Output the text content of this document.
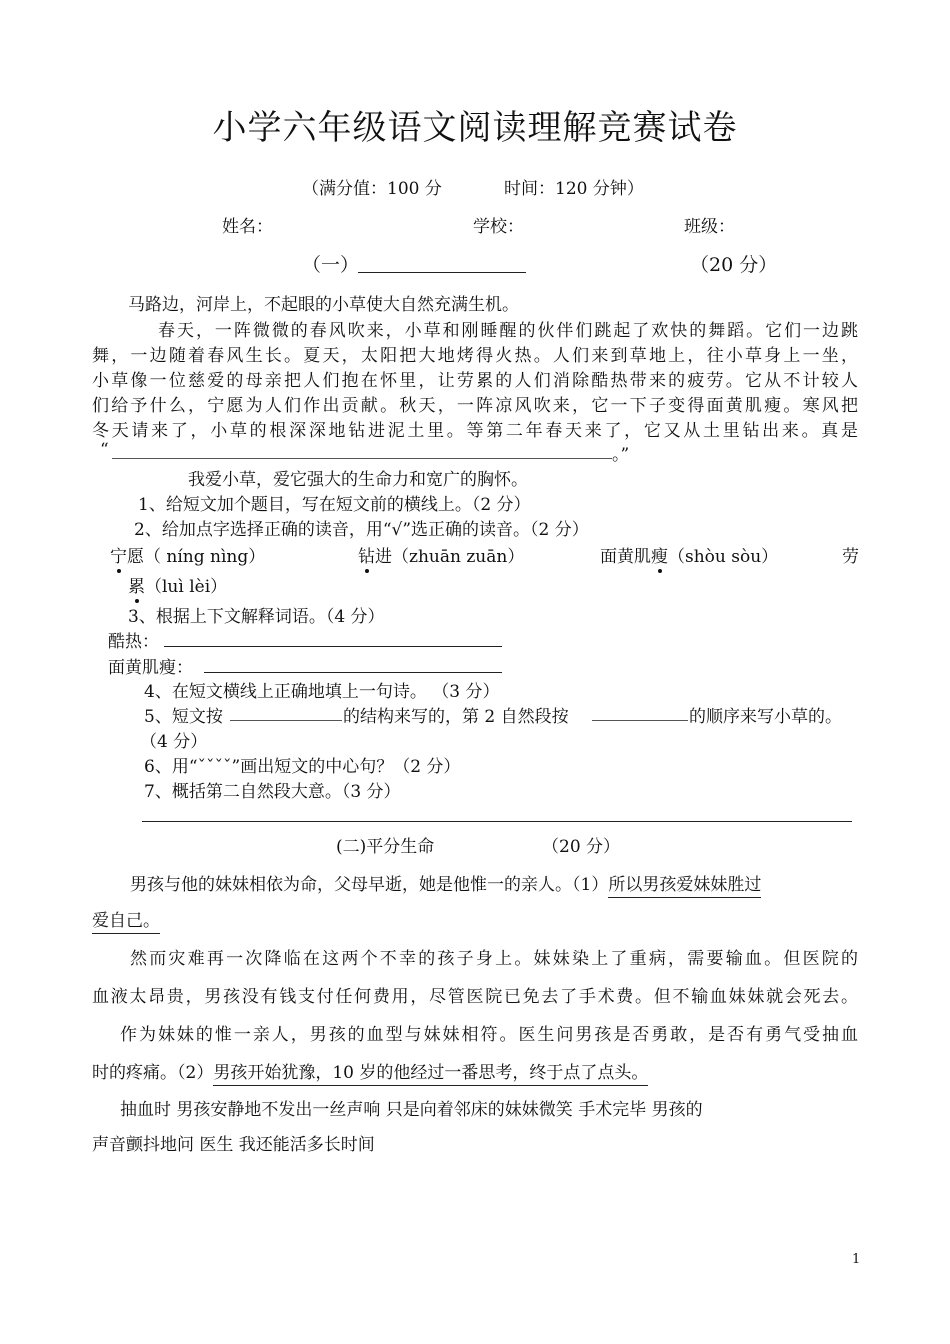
小学六年级语文阅读理解竞赛试卷
（满分值：100 分	时间：120 分钟）
姓名：	学校：	班级：
（一）	（20 分）
马路边，河岸上，不起眼的小草使大自然充满生机。
春天，一阵微微的春风吹来，小草和刚睡醒的伙伴们跳起了欢快的舞蹈。它们一边跳
舞，一边随着春风生长。夏天，太阳把大地烤得火热。人们来到草地上，往小草身上一坐，
小草像一位慈爱的母亲把人们抱在怀里，让劳累的人们消除酷热带来的疲劳。它从不计较人
们给予什么，宁愿为人们作出贡献。秋天，一阵凉风吹来，它一下子变得面黄肌瘦。寒风把
冬天请来了，小草的根深深地钻进泥土里。等第二年春天来了，它又从土里钻出来。真是
“	。”
我爱小草，爱它强大的生命力和宽广的胸怀。
1、给短文加个题目，写在短文前的横线上。（2 分）
2、给加点字选择正确的读音，用“√”选正确的读音。（2 分）
宁愿（ níng nìng）	钻进（zhuān zuān）	面黄肌瘦（shòu sòu）	劳
累（luì lèi）
3、根据上下文解释词语。（4 分）
酷热：
面黄肌瘦：
4、在短文横线上正确地填上一句诗。 （3 分）
5、短文按	的结构来写的，第 2 自然段按	的顺序来写小草的。
（4 分）
6、用“ˇˇˇˇ”画出短文的中心句？（2 分）
7、概括第二自然段大意。（3 分）
(二)平分生命	（20 分）
男孩与他的妹妹相依为命，父母早逝，她是他惟一的亲人。（1）所以男孩爱妹妹胜过
爱自己。
然而灾难再一次降临在这两个不幸的孩子身上。妹妹染上了重病，需要输血。但医院的
血液太昂贵，男孩没有钱支付任何费用，尽管医院已免去了手术费。但不输血妹妹就会死去。
作为妹妹的惟一亲人，男孩的血型与妹妹相符。医生问男孩是否勇敢，是否有勇气受抽血
时的疼痛。（2）男孩开始犹豫，10 岁的他经过一番思考，终于点了点头。
抽血时 男孩安静地不发出一丝声响 只是向着邻床的妹妹微笑 手术完毕 男孩的
声音颤抖地问 医生 我还能活多长时间
1
